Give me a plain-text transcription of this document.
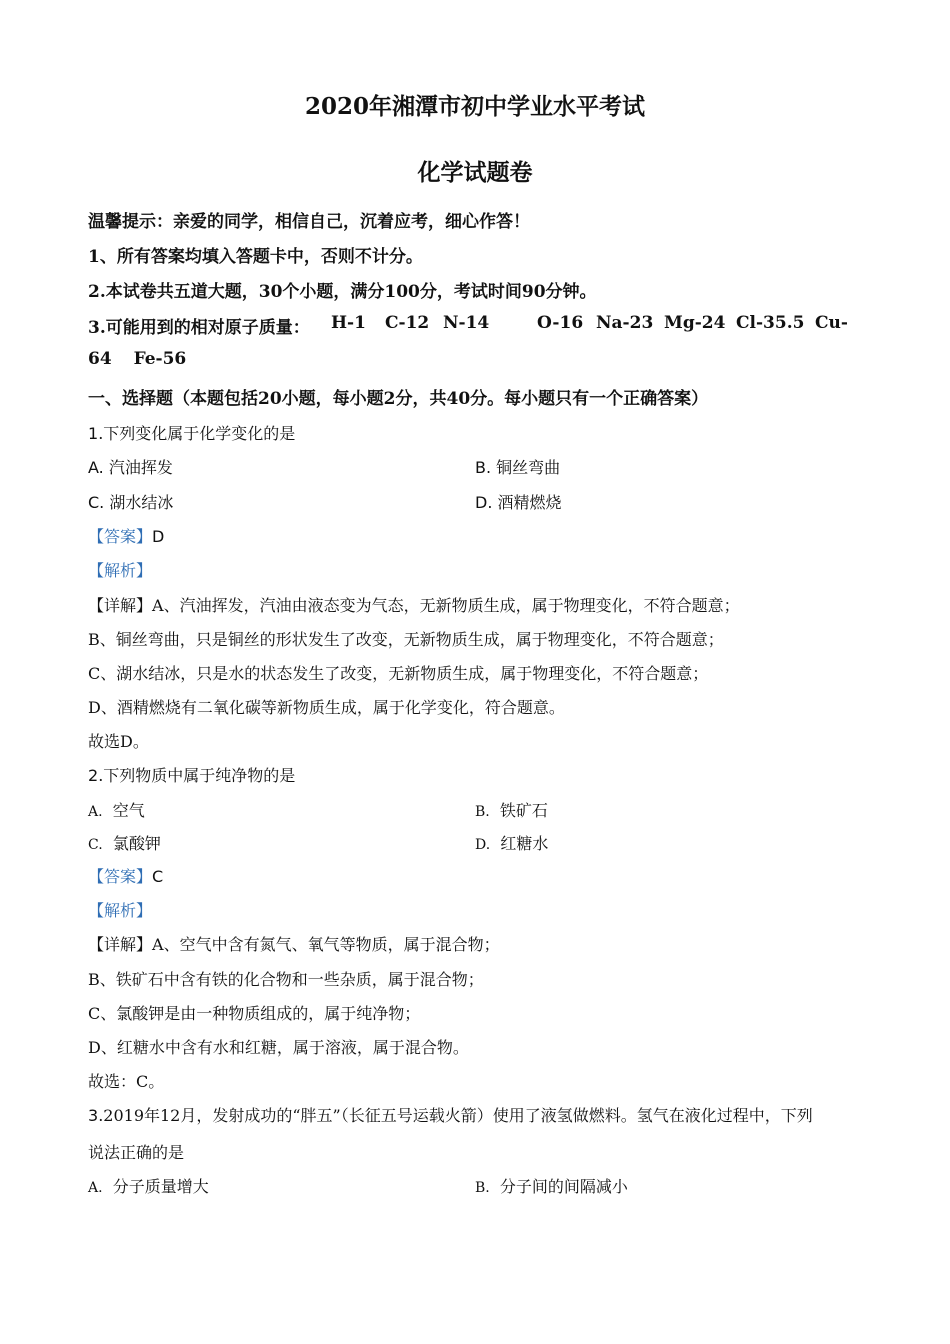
2020年湘潭市初中学业水平考试
化学试题卷
温馨提示：亲爱的同学，相信自己，沉着应考，细心作答！
1、所有答案均填入答题卡中，否则不计分。
2.本试卷共五道大题，30个小题，满分100分，考试时间90分钟。
3.可能用到的相对原子质量： H-1 C-12 N-14	O-16 Na-23 Mg-24 Cl-35.5 Cu-
64 Fe-56
一、选择题（本题包括20小题，每小题2分，共40分。每小题只有一个正确答案）
1.下列变化属于化学变化的是
A. 汽油挥发	B. 铜丝弯曲
C. 湖水结冰	D. 酒精燃烧
【答案】D
【解析】
【详解】A、汽油挥发，汽油由液态变为气态，无新物质生成，属于物理变化，不符合题意；
B、铜丝弯曲，只是铜丝的形状发生了改变，无新物质生成，属于物理变化，不符合题意；
C、湖水结冰，只是水的状态发生了改变，无新物质生成，属于物理变化，不符合题意；
D、酒精燃烧有二氧化碳等新物质生成，属于化学变化，符合题意。
故选D。
2.下列物质中属于纯净物的是
A. 空气	B. 铁矿石
C. 氯酸钾	D. 红糖水
【答案】C
【解析】
【详解】A、空气中含有氮气、氧气等物质，属于混合物；
B、铁矿石中含有铁的化合物和一些杂质，属于混合物；
C、氯酸钾是由一种物质组成的，属于纯净物；
D、红糖水中含有水和红糖，属于溶液，属于混合物。
故选：C。
3.2019年12月，发射成功的“胖五”（长征五号运载火箭）使用了液氢做燃料。氢气在液化过程中，下列
说法正确的是
A. 分子质量增大	B. 分子间的间隔减小
